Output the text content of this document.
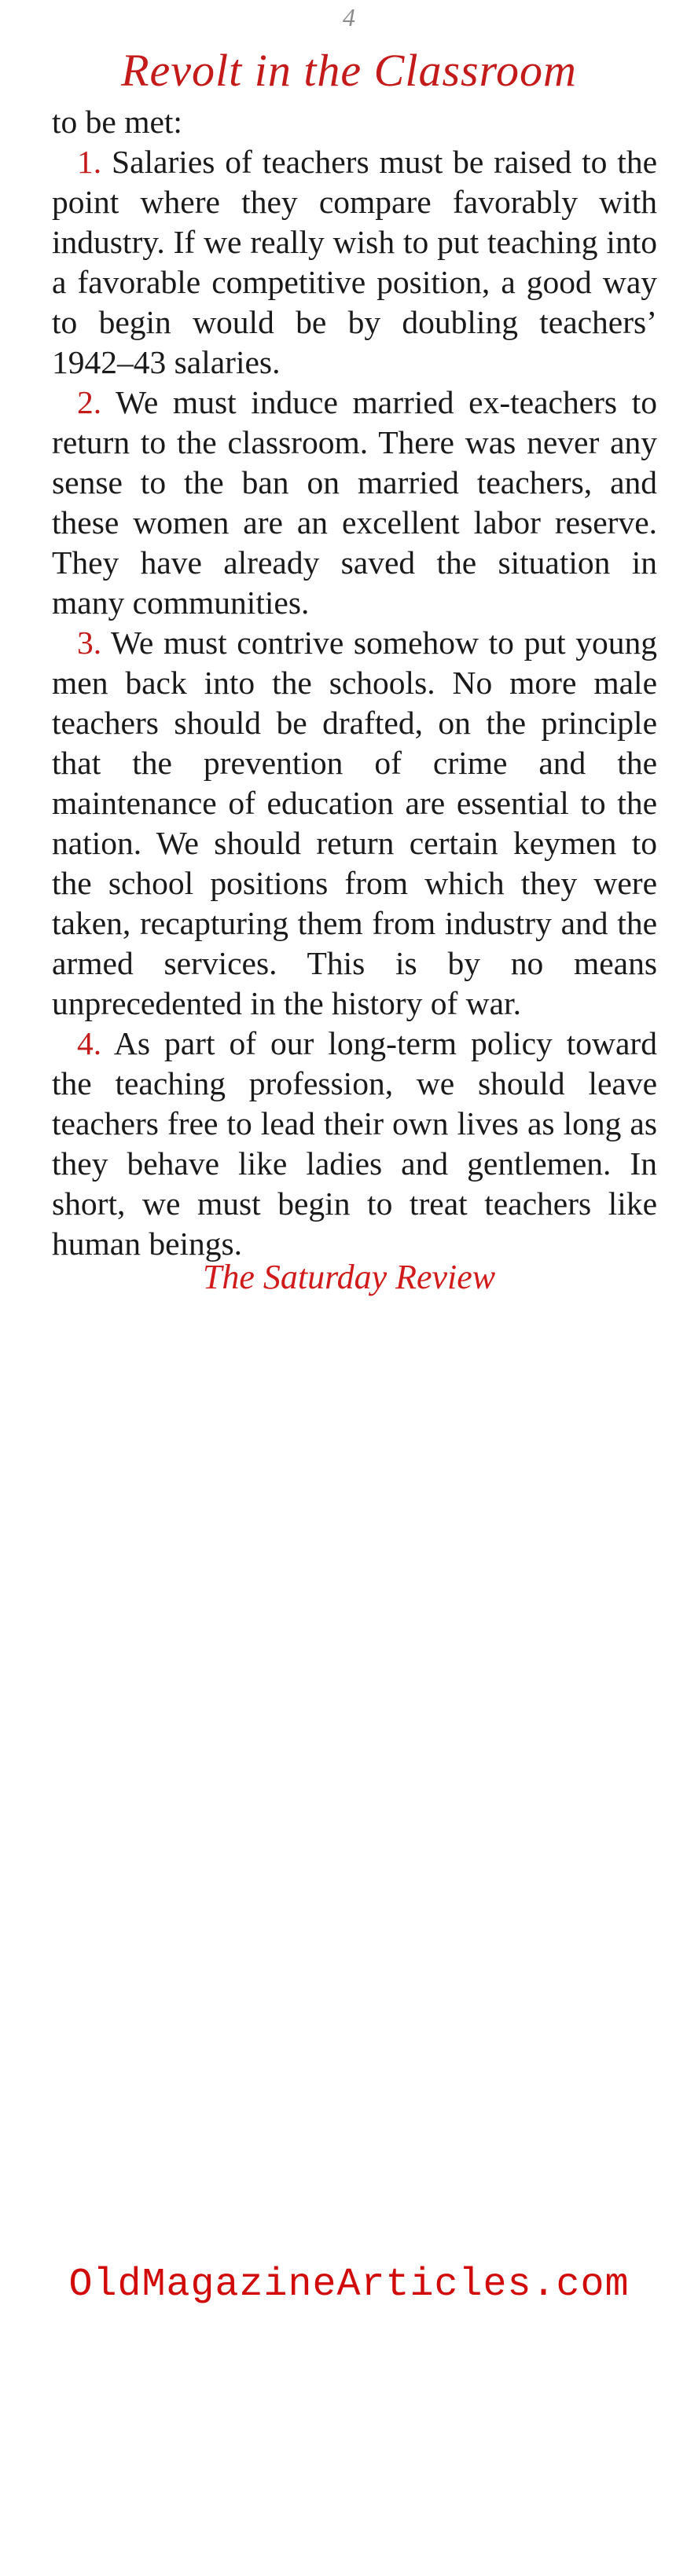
4
Revolt in the Classroom

to be met:

1. Salaries of teachers must be raised to the point where they compare favorably with industry. If we really wish to put teaching into a favorable competitive position, a good way to begin would be by doubling teachers’ 1942–43 salaries.

2. We must induce married ex-teachers to return to the classroom. There was never any sense to the ban on married teachers, and these women are an excellent labor reserve. They have already saved the situation in many communities.

3. We must contrive somehow to put young men back into the schools. No more male teachers should be drafted, on the principle that the prevention of crime and the maintenance of education are essential to the nation. We should return certain keymen to the school positions from which they were taken, recapturing them from industry and the armed services. This is by no means unprecedented in the history of war.

4. As part of our long-term policy toward the teaching profession, we should leave teachers free to lead their own lives as long as they behave like ladies and gentlemen. In short, we must begin to treat teachers like human beings.

The Saturday Review
OldMagazineArticles.com
